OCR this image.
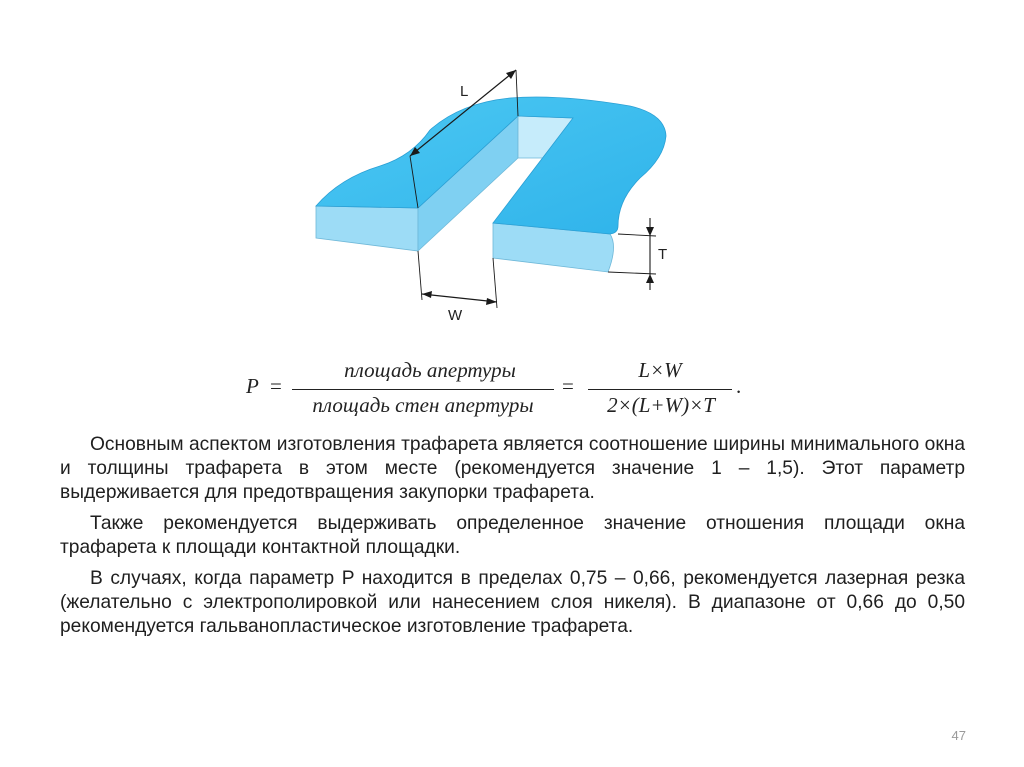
L
W
T
P =
площадь апертуры
площадь стен апертуры
=
L×W
2×(L+W)×T
.

Основным аспектом изготовления трафарета является соотношение ширины минимального окна и толщины трафарета в этом месте (рекомендуется значение 1 – 1,5). Этот параметр выдерживается для предотвращения закупорки трафарета.

Также рекомендуется выдерживать определенное значение отношения площади окна трафарета к площади контактной площадки.

В случаях, когда параметр P находится в пределах 0,75 – 0,66, рекомендуется лазерная резка (желательно с электрополировкой или нанесением слоя никеля). В диапазоне от 0,66 до 0,50 рекомендуется гальванопластическое изготовление трафарета.

47
